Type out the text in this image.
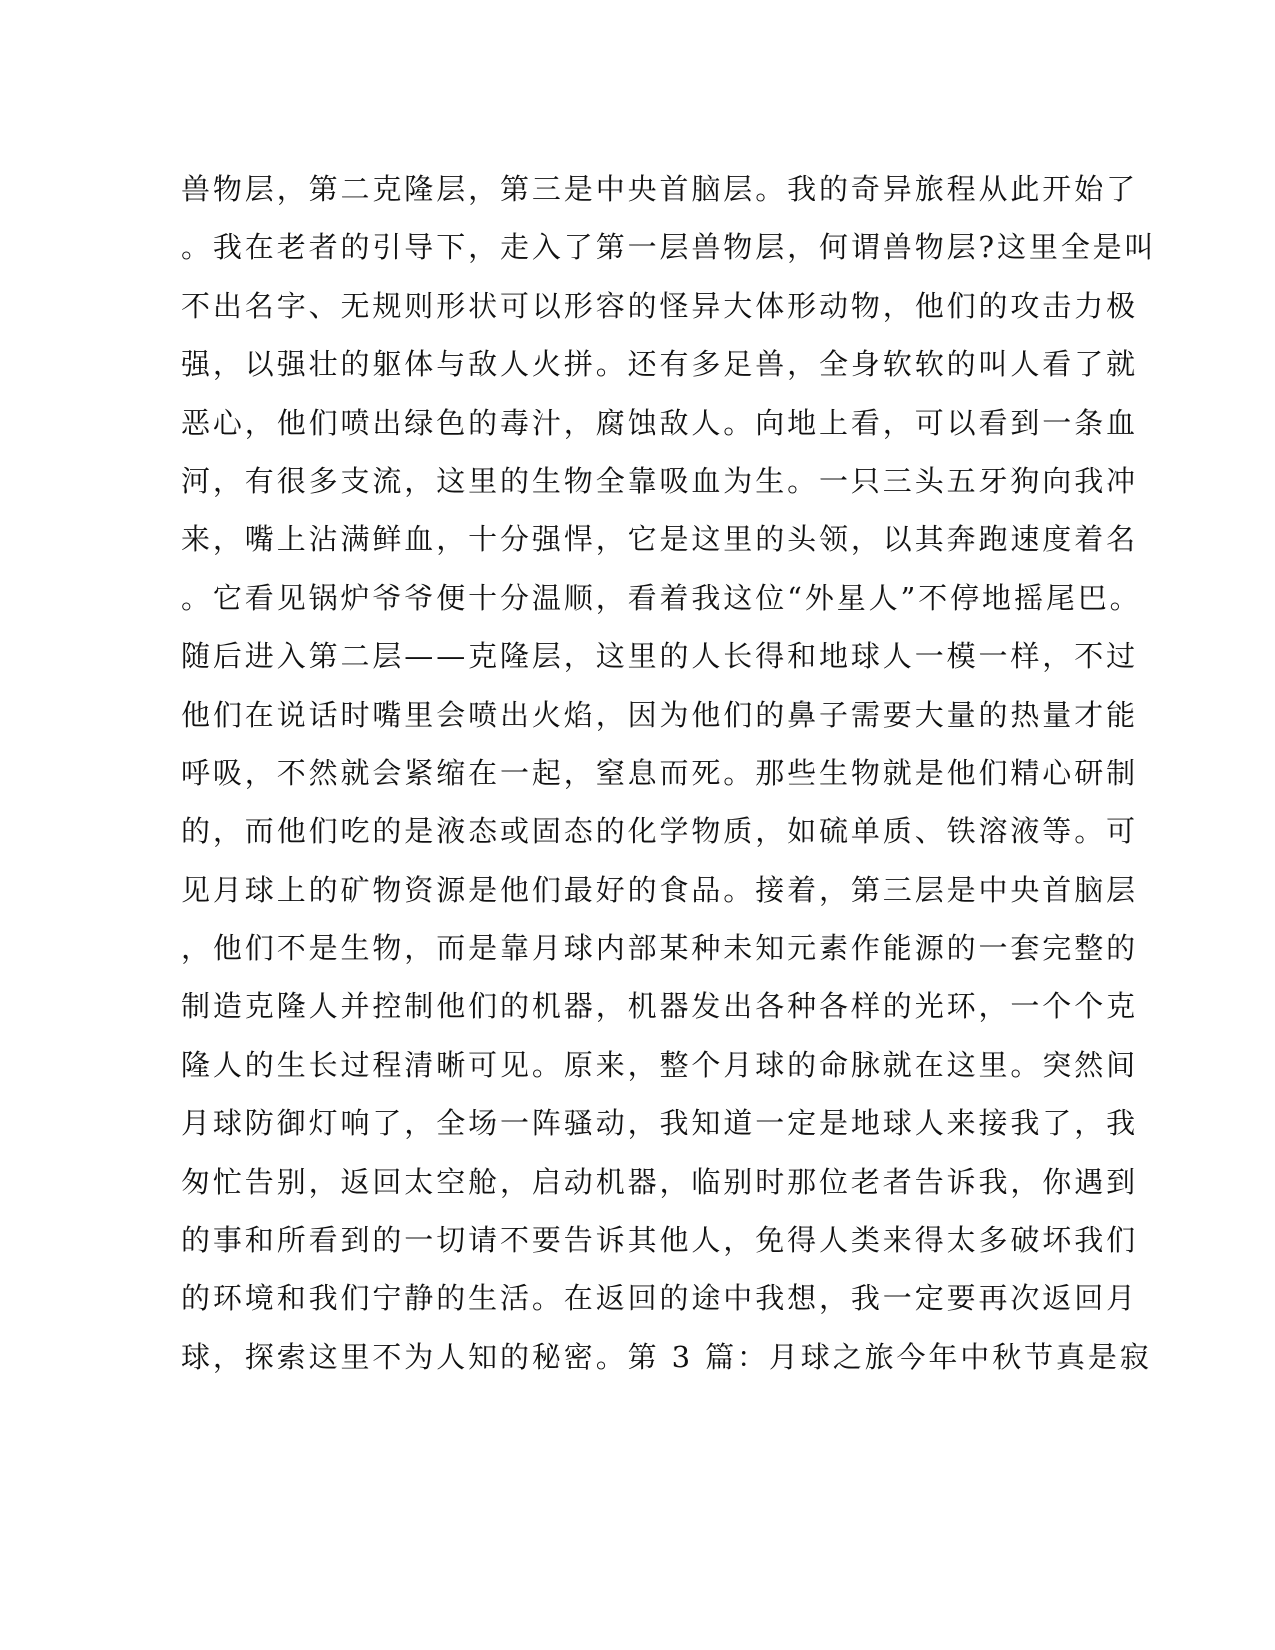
兽物层，第二克隆层，第三是中央首脑层。我的奇异旅程从此开始了
。我在老者的引导下，走入了第一层兽物层，何谓兽物层?这里全是叫
不出名字、无规则形状可以形容的怪异大体形动物，他们的攻击力极
强，以强壮的躯体与敌人火拼。还有多足兽，全身软软的叫人看了就
恶心，他们喷出绿色的毒汁，腐蚀敌人。向地上看，可以看到一条血
河，有很多支流，这里的生物全靠吸血为生。一只三头五牙狗向我冲
来，嘴上沾满鲜血，十分强悍，它是这里的头领，以其奔跑速度着名
。它看见锅炉爷爷便十分温顺，看着我这位“外星人”不停地摇尾巴。
随后进入第二层——克隆层，这里的人长得和地球人一模一样，不过
他们在说话时嘴里会喷出火焰，因为他们的鼻子需要大量的热量才能
呼吸，不然就会紧缩在一起，窒息而死。那些生物就是他们精心研制
的，而他们吃的是液态或固态的化学物质，如硫单质、铁溶液等。可
见月球上的矿物资源是他们最好的食品。接着，第三层是中央首脑层
，他们不是生物，而是靠月球内部某种未知元素作能源的一套完整的
制造克隆人并控制他们的机器，机器发出各种各样的光环，一个个克
隆人的生长过程清晰可见。原来，整个月球的命脉就在这里。突然间
月球防御灯响了，全场一阵骚动，我知道一定是地球人来接我了，我
匆忙告别，返回太空舱，启动机器，临别时那位老者告诉我，你遇到
的事和所看到的一切请不要告诉其他人，免得人类来得太多破坏我们
的环境和我们宁静的生活。在返回的途中我想，我一定要再次返回月
球，探索这里不为人知的秘密。第 3 篇：月球之旅今年中秋节真是寂
